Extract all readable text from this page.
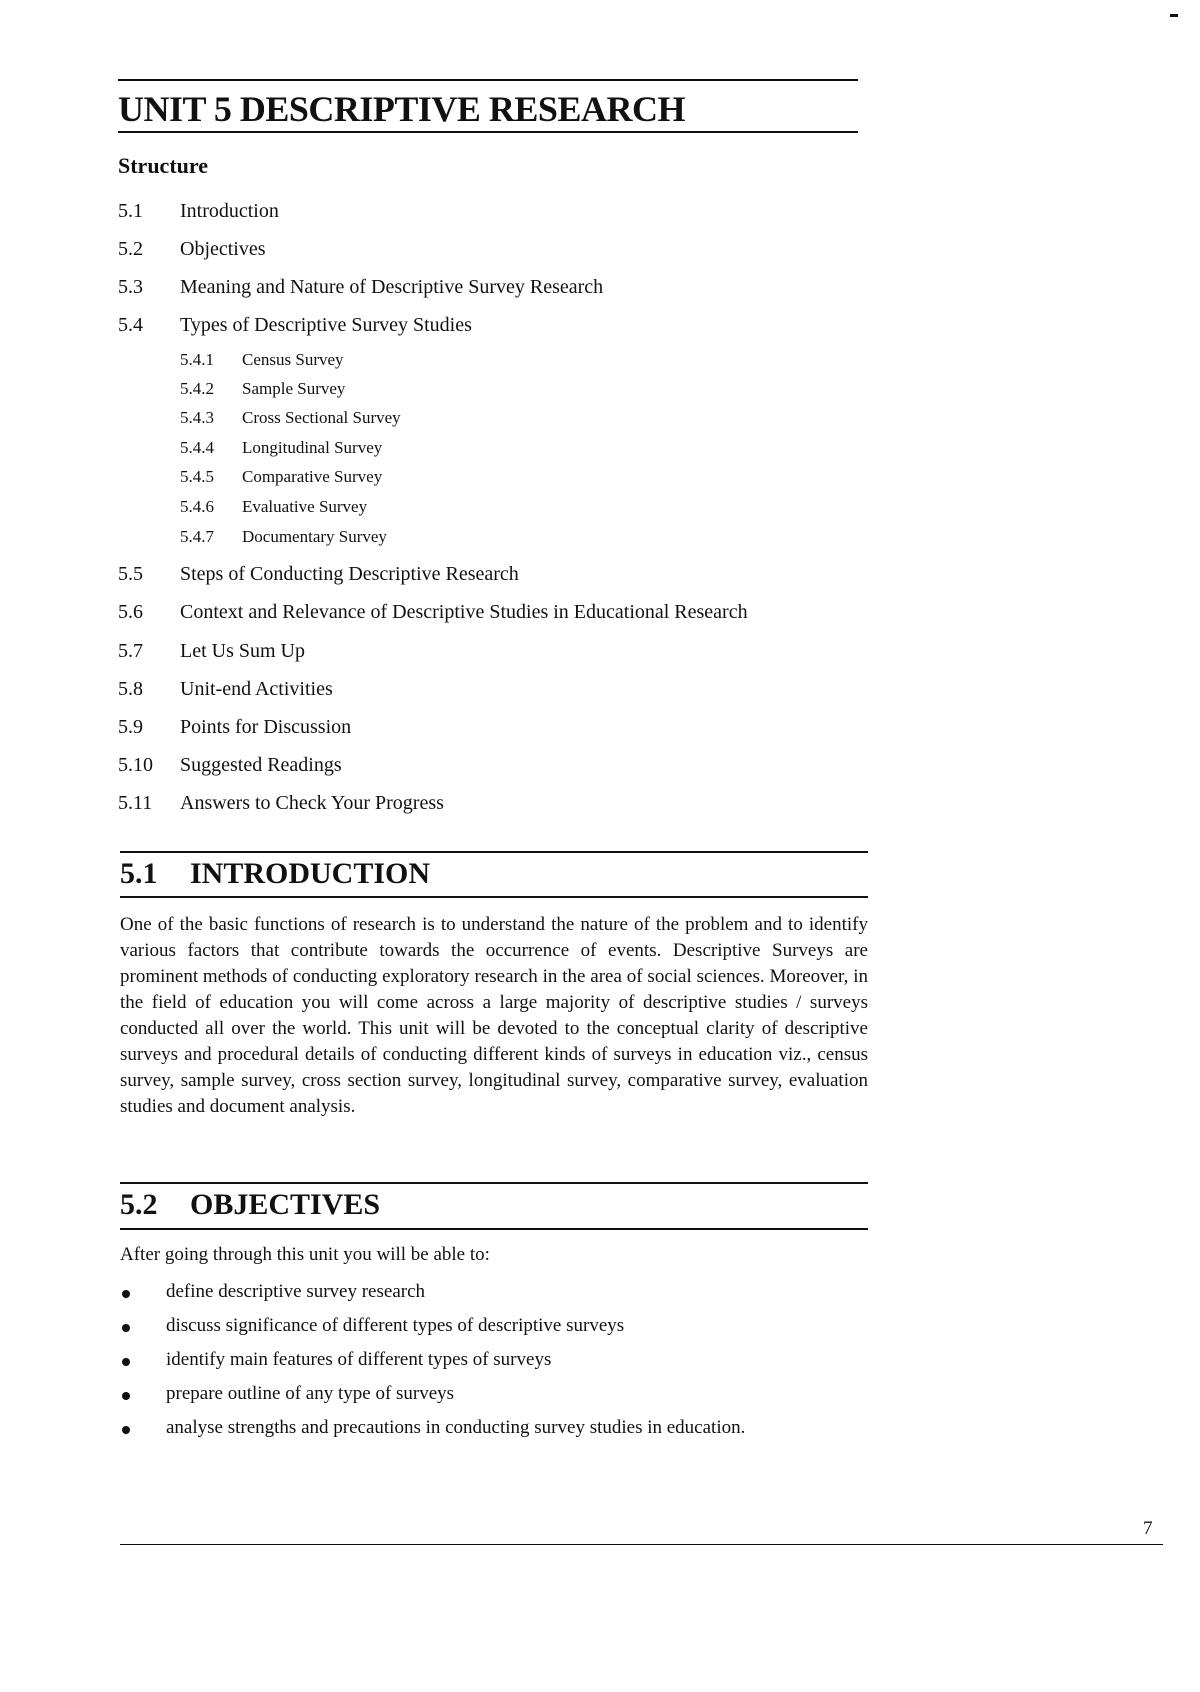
UNIT 5 DESCRIPTIVE RESEARCH
Structure
5.1	Introduction
5.2	Objectives
5.3	Meaning and Nature of Descriptive Survey Research
5.4	Types of Descriptive Survey Studies
5.4.1	Census Survey
5.4.2	Sample Survey
5.4.3	Cross Sectional Survey
5.4.4	Longitudinal Survey
5.4.5	Comparative Survey
5.4.6	Evaluative Survey
5.4.7	Documentary Survey
5.5	Steps of Conducting Descriptive Research
5.6	Context and Relevance of Descriptive Studies in Educational Research
5.7	Let Us Sum Up
5.8	Unit-end Activities
5.9	Points for Discussion
5.10	Suggested Readings
5.11	Answers to Check Your Progress
5.1 INTRODUCTION
One of the basic functions of research is to understand the nature of the problem and to identify various factors that contribute towards the occurrence of events. Descriptive Surveys are prominent methods of conducting exploratory research in the area of social sciences. Moreover, in the field of education you will come across a large majority of descriptive studies / surveys conducted all over the world. This unit will be devoted to the conceptual clarity of descriptive surveys and procedural details of conducting different kinds of surveys in education viz., census survey, sample survey, cross section survey, longitudinal survey, comparative survey, evaluation studies and document analysis.
5.2 OBJECTIVES
After going through this unit you will be able to:
define descriptive survey research
discuss significance of different types of descriptive surveys
identify main features of different types of surveys
prepare outline of any type of surveys
analyse strengths and precautions in conducting survey studies in education.
7
